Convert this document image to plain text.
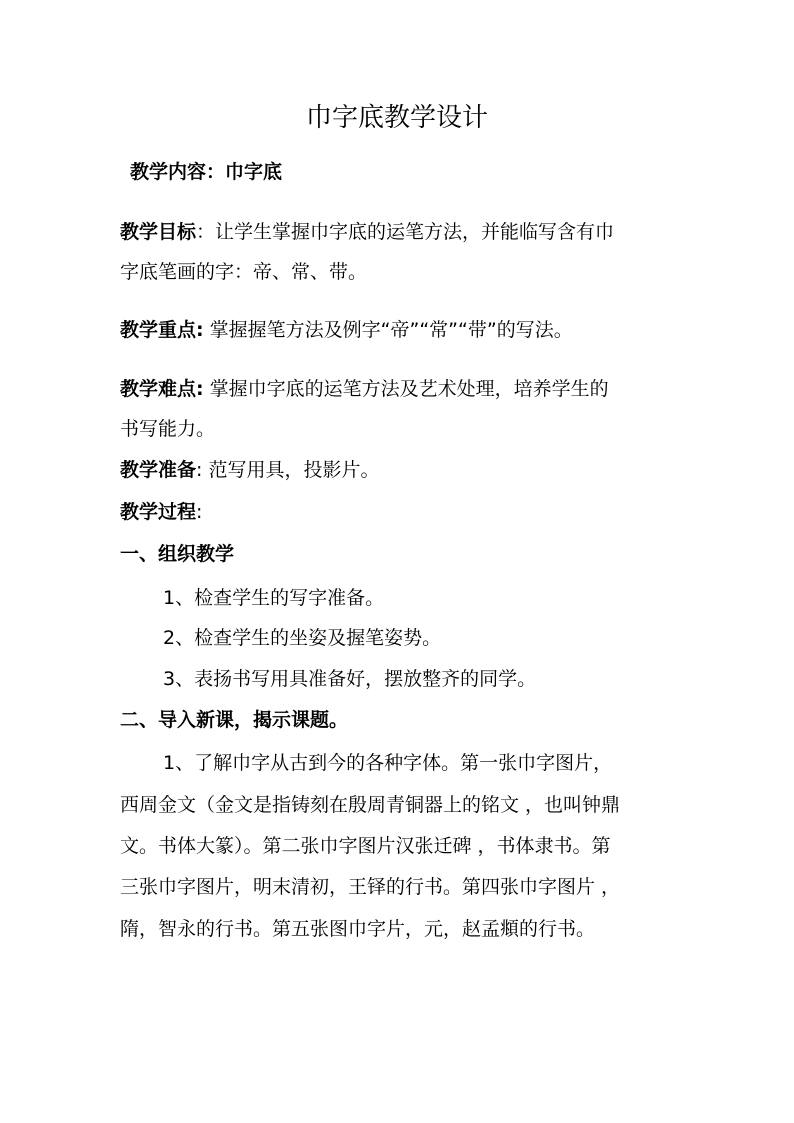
巾字底教学设计
教学内容：巾字底
教学目标：让学生掌握巾字底的运笔方法，并能临写含有巾
字底笔画的字：帝、常、带。
教学重点: 掌握握笔方法及例字“帝”“常”“带”的写法。
教学难点: 掌握巾字底的运笔方法及艺术处理，培养学生的
书写能力。
教学准备: 范写用具，投影片。
教学过程:
一、组织教学
1、检查学生的写字准备。
2、检查学生的坐姿及握笔姿势。
3、表扬书写用具准备好，摆放整齐的同学。
二、导入新课，揭示课题。
1、了解巾字从古到今的各种字体。第一张巾字图片，
西周金文（金文是指铸刻在殷周青铜器上的铭文 ，也叫钟鼎
文。书体大篆）。第二张巾字图片汉张迁碑 ，书体隶书。第
三张巾字图片，明末清初，王铎的行书。第四张巾字图片 ，
隋，智永的行书。第五张图巾字片，元，赵孟頫的行书。
